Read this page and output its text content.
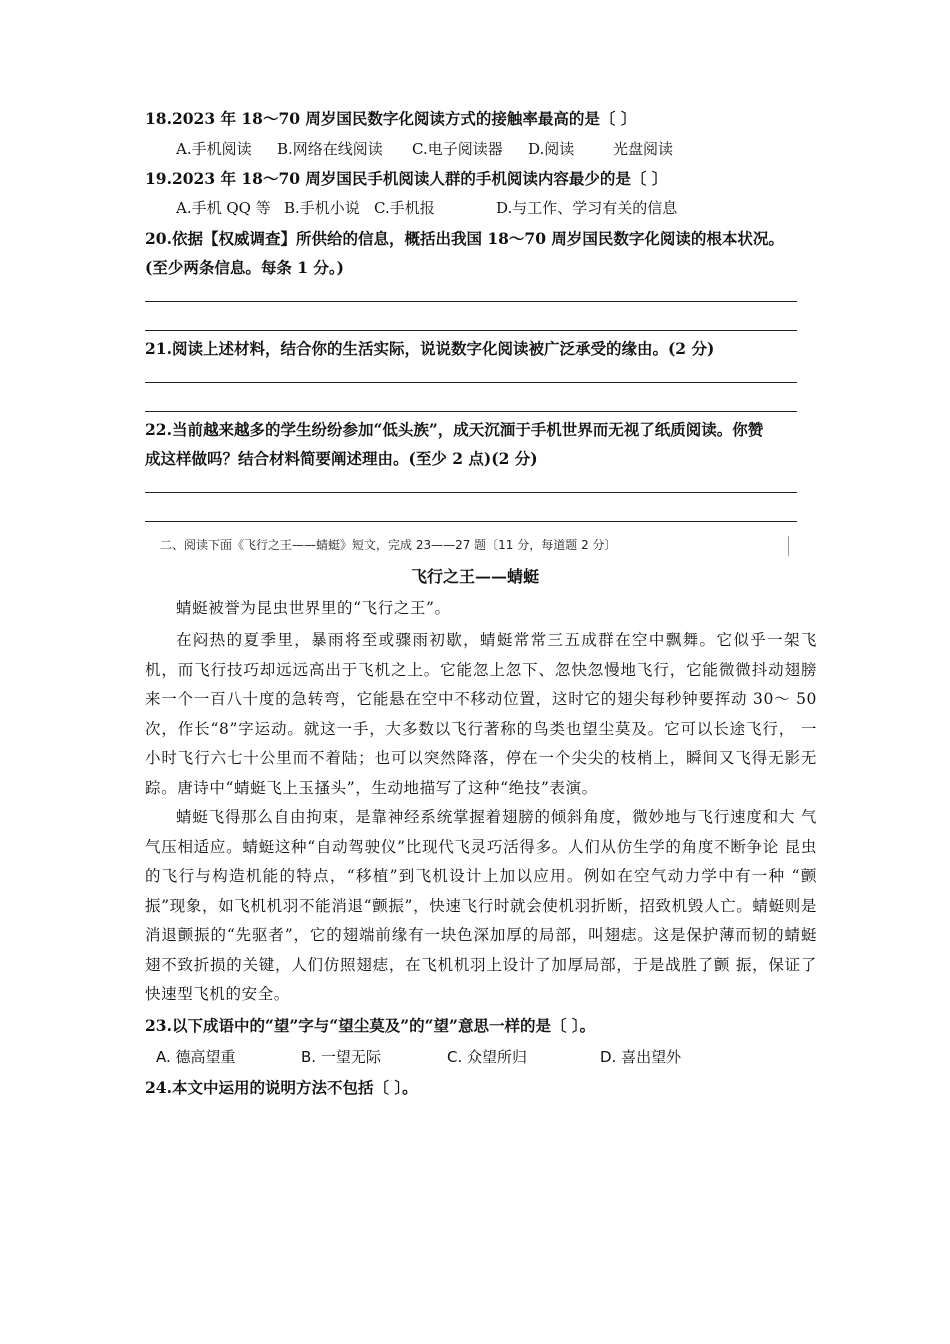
18.2023 年 18～70 周岁国民数字化阅读方式的接触率最高的是〔 〕
A.手机阅读 B.网络在线阅读 C.电子阅读器 D.阅读	光盘阅读
19.2023 年 18～70 周岁国民手机阅读人群的手机阅读内容最少的是〔 〕
A.手机 QQ 等 B.手机小说 C.手机报	D.与工作、学习有关的信息
20.依据【权威调查】所供给的信息，概括出我国 18～70 周岁国民数字化阅读的根本状况。
(至少两条信息。每条 1 分。)
21.阅读上述材料，结合你的生活实际，说说数字化阅读被广泛承受的缘由。(2 分)
22.当前越来越多的学生纷纷参加“低头族”，成天沉湎于手机世界而无视了纸质阅读。你赞
成这样做吗？结合材料简要阐述理由。(至少 2 点)(2 分)
二、阅读下面《飞行之王——蜻蜓》短文，完成 23——27 题〔11 分，每道题 2 分〕
飞行之王——蜻蜓
蜻蜓被誉为昆虫世界里的“飞行之王”。
在闷热的夏季里，暴雨将至或骤雨初歇，蜻蜓常常三五成群在空中飘舞。它似乎一架飞机，而飞行技巧却远远高出于飞机之上。它能忽上忽下、忽快忽慢地飞行，它能微微抖动翅膀来一个一百八十度的急转弯，它能悬在空中不移动位置，这时它的翅尖每秒钟要挥动 30～ 50次，作长“8”字运动。就这一手，大多数以飞行著称的鸟类也望尘莫及。它可以长途飞行， 一小时飞行六七十公里而不着陆；也可以突然降落，停在一个尖尖的枝梢上，瞬间又飞得无影无踪。唐诗中“蜻蜓飞上玉搔头”，生动地描写了这种“绝技”表演。
蜻蜓飞得那么自由拘束，是靠神经系统掌握着翅膀的倾斜角度，微妙地与飞行速度和大 气气压相适应。蜻蜓这种“自动驾驶仪”比现代飞灵巧活得多。人们从仿生学的角度不断争论 昆虫的飞行与构造机能的特点，“移植”到飞机设计上加以应用。例如在空气动力学中有一种 “颤振”现象，如飞机机羽不能消退“颤振”，快速飞行时就会使机羽折断，招致机毁人亡。蜻蜓则是消退颤振的“先驱者”，它的翅端前缘有一块色深加厚的局部，叫翅痣。这是保护薄而韧的蜻蜓翅不致折损的关键，人们仿照翅痣，在飞机机羽上设计了加厚局部，于是战胜了颤 振，保证了快速型飞机的安全。
23.以下成语中的“望”字与“望尘莫及”的“望”意思一样的是〔 〕。
A. 德高望重	B. 一望无际	C. 众望所归	D. 喜出望外
24.本文中运用的说明方法不包括〔 〕。
